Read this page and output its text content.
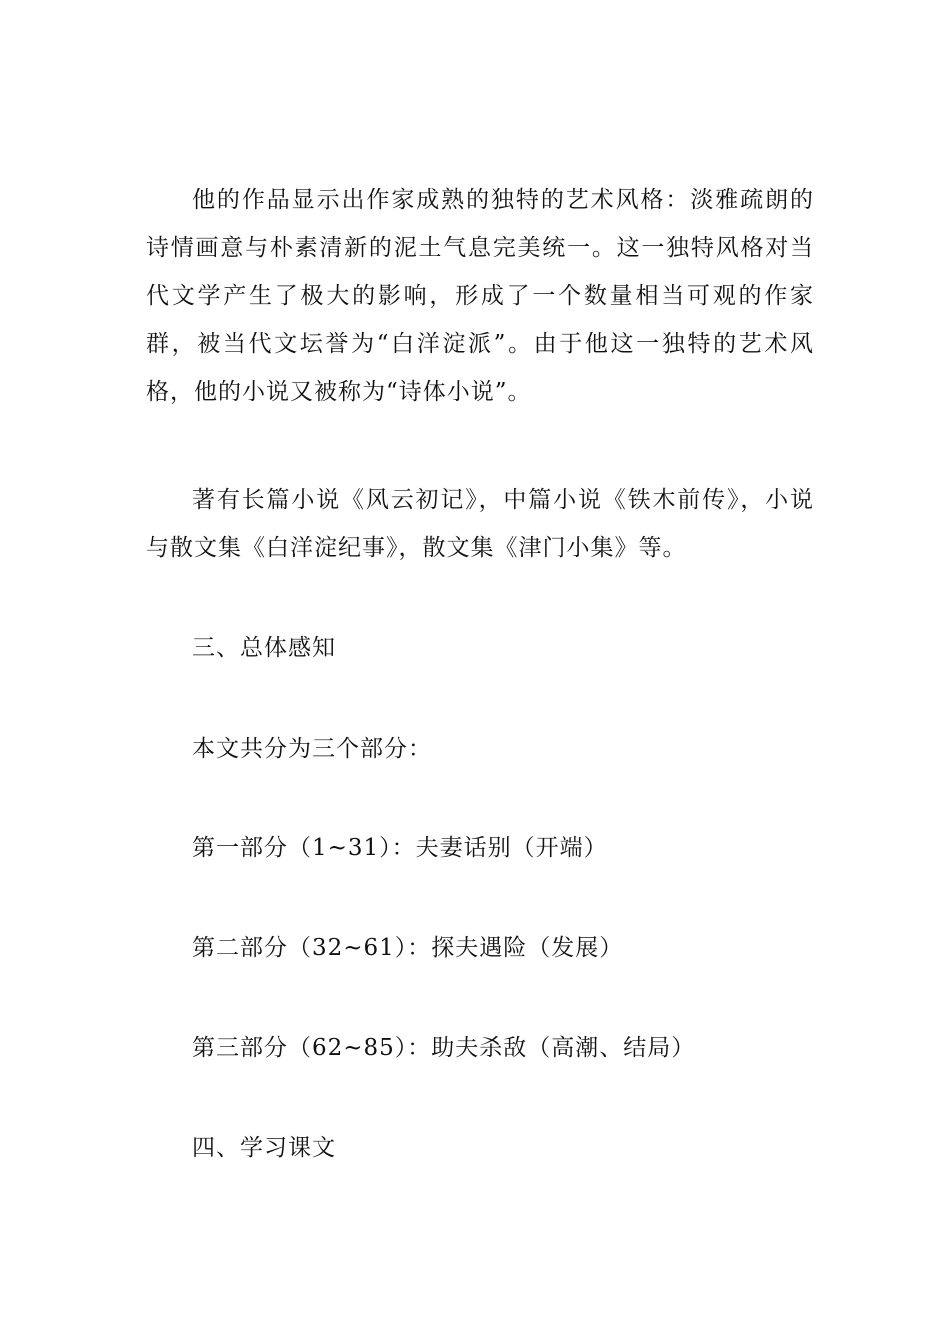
他的作品显示出作家成熟的独特的艺术风格：淡雅疏朗的诗情画意与朴素清新的泥土气息完美统一。这一独特风格对当代文学产生了极大的影响，形成了一个数量相当可观的作家群，被当代文坛誉为“白洋淀派”。由于他这一独特的艺术风格，他的小说又被称为“诗体小说”。

著有长篇小说《风云初记》，中篇小说《铁木前传》，小说与散文集《白洋淀纪事》，散文集《津门小集》等。

三、总体感知

本文共分为三个部分：

第一部分（1~31）：夫妻话别（开端）

第二部分（32~61）：探夫遇险（发展）

第三部分（62~85）：助夫杀敌（高潮、结局）

四、学习课文
